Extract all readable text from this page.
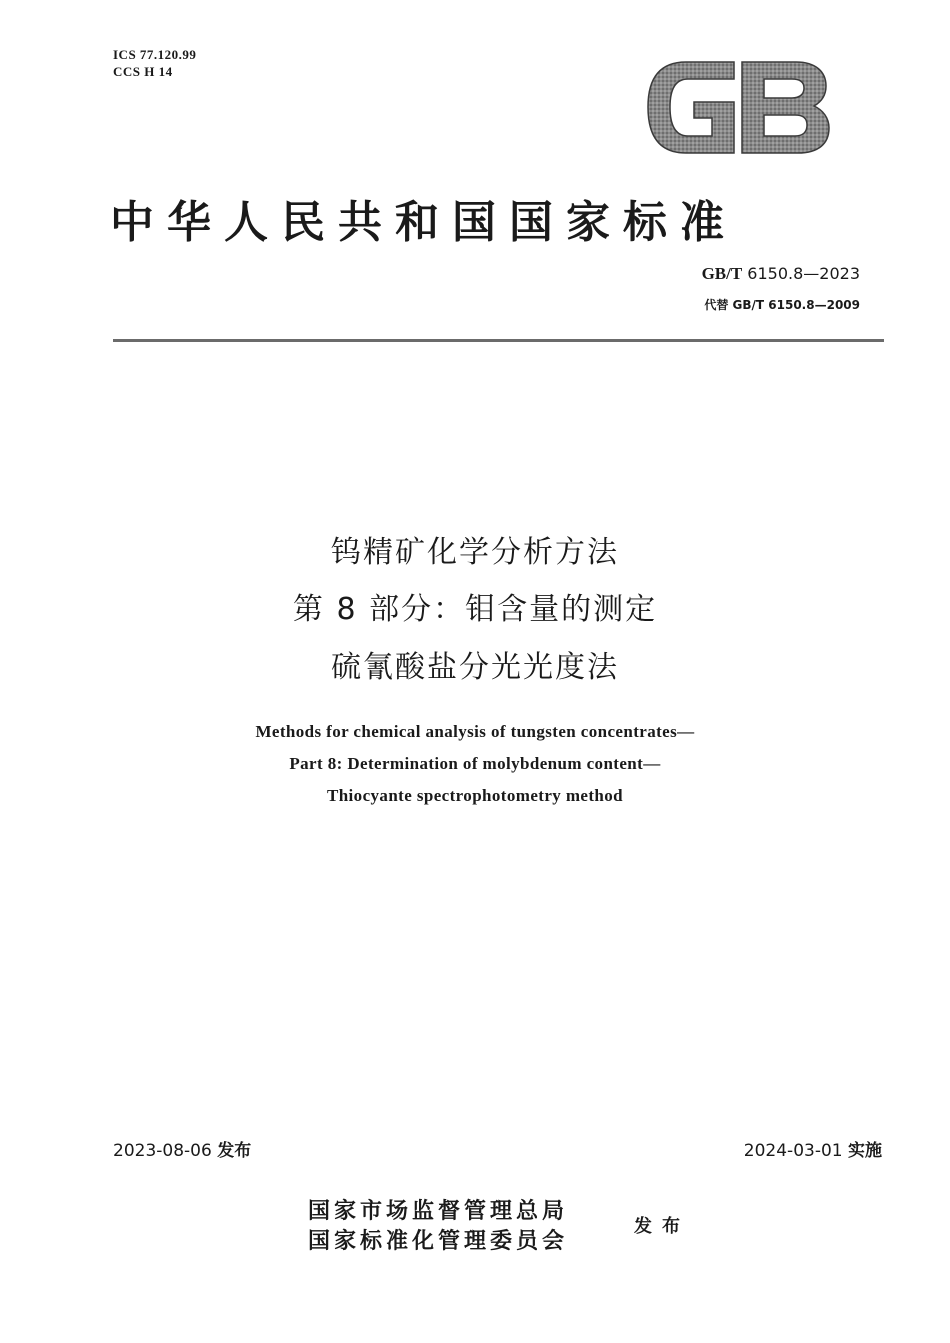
ICS 77.120.99
CCS H 14
中华人民共和国国家标准
GB/T 6150.8—2023
代替 GB/T 6150.8—2009
钨精矿化学分析方法
第 8 部分：钼含量的测定
硫氰酸盐分光光度法
Methods for chemical analysis of tungsten concentrates—
Part 8: Determination of molybdenum content—
Thiocyante spectrophotometry method
2023-08-06 发布	2024-03-01 实施
国家市场监督管理总局
国家标准化管理委员会
发布
